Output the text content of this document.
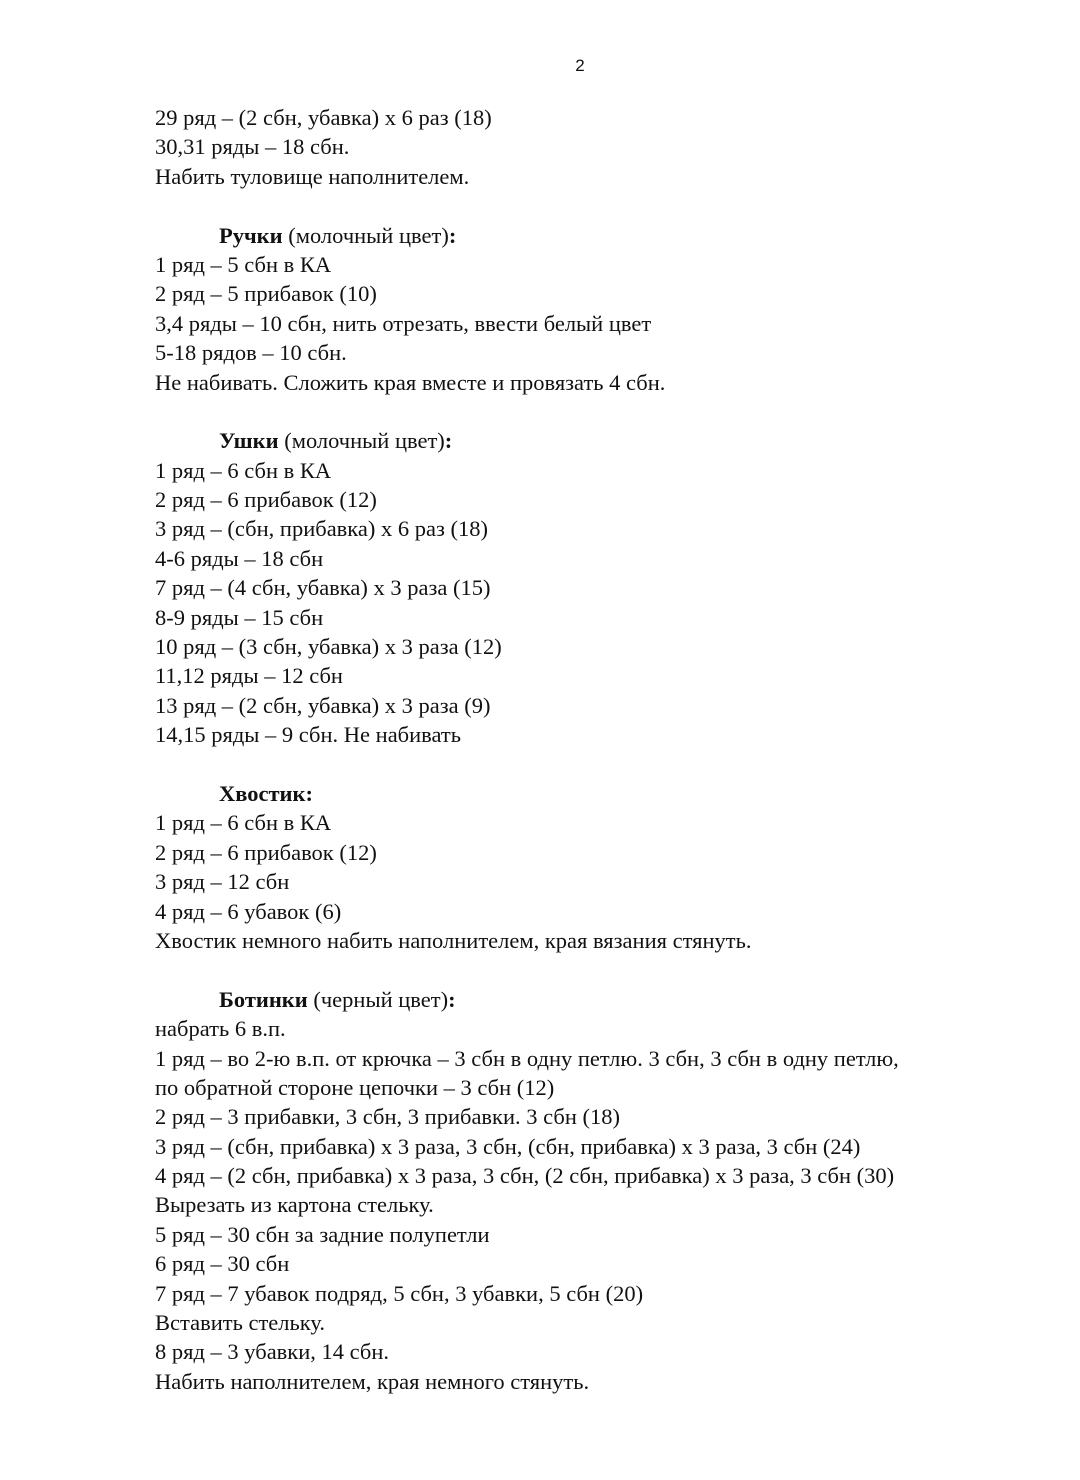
2
29 ряд – (2 сбн, убавка) х 6 раз (18)
30,31 ряды – 18 сбн.
Набить туловище наполнителем.
Ручки (молочный цвет):
1 ряд – 5 сбн в КА
2 ряд – 5 прибавок (10)
3,4 ряды – 10 сбн, нить отрезать, ввести белый цвет
5-18 рядов – 10 сбн.
Не набивать. Сложить края вместе и провязать 4 сбн.
Ушки (молочный цвет):
1 ряд – 6 сбн в КА
2 ряд – 6 прибавок (12)
3 ряд – (сбн, прибавка) х 6 раз (18)
4-6 ряды – 18 сбн
7 ряд – (4 сбн, убавка) х 3 раза (15)
8-9 ряды – 15 сбн
10 ряд – (3 сбн, убавка) х 3 раза (12)
11,12 ряды – 12 сбн
13 ряд – (2 сбн, убавка) х 3 раза (9)
14,15 ряды – 9 сбн. Не набивать
Хвостик:
1 ряд – 6 сбн в КА
2 ряд – 6 прибавок (12)
3 ряд – 12 сбн
4 ряд – 6 убавок (6)
Хвостик немного набить наполнителем, края вязания стянуть.
Ботинки (черный цвет):
набрать 6 в.п.
1 ряд – во 2-ю в.п. от крючка – 3 сбн в одну петлю. 3 сбн, 3 сбн в одну петлю,
по обратной стороне цепочки – 3 сбн (12)
2 ряд – 3 прибавки, 3 сбн, 3 прибавки. 3 сбн (18)
3 ряд – (сбн, прибавка) х 3 раза, 3 сбн, (сбн, прибавка) х 3 раза, 3 сбн (24)
4 ряд – (2 сбн, прибавка) х 3 раза, 3 сбн, (2 сбн, прибавка) х 3 раза, 3 сбн (30)
Вырезать из картона стельку.
5 ряд – 30 сбн за задние полупетли
6 ряд – 30 сбн
7 ряд – 7 убавок подряд, 5 сбн, 3 убавки, 5 сбн (20)
Вставить стельку.
8 ряд – 3 убавки, 14 сбн.
Набить наполнителем, края немного стянуть.
